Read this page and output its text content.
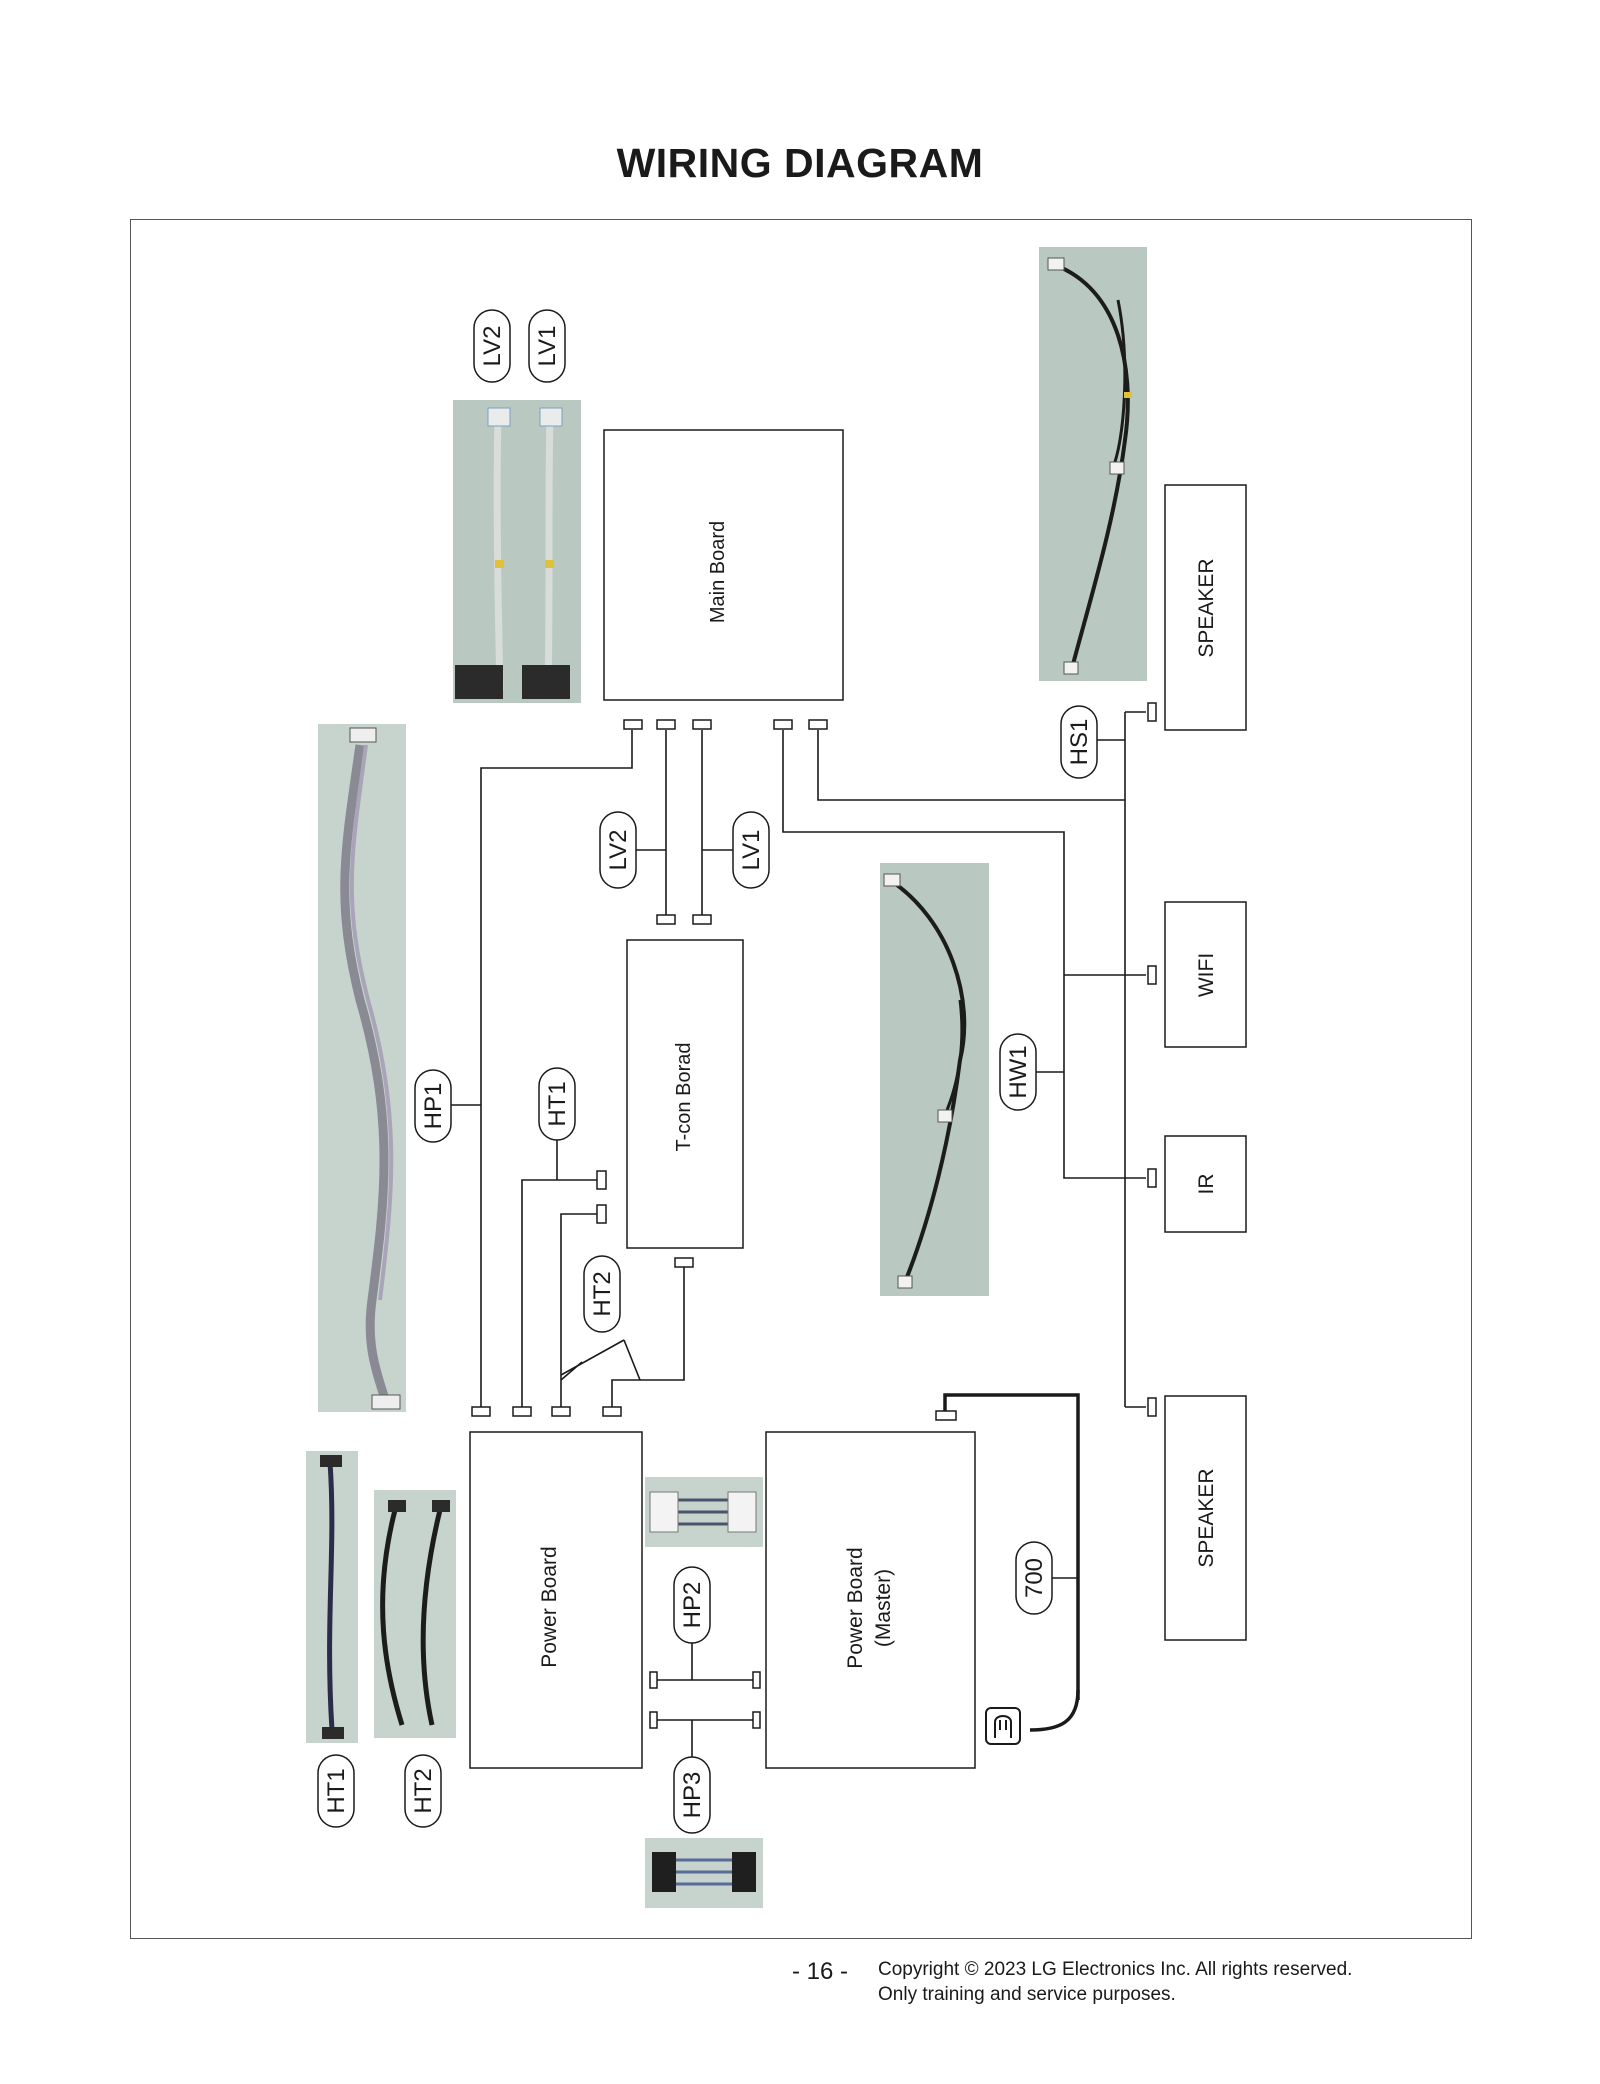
WIRING DIAGRAM
Main Board
T-con Borad
Power Board	Power Board (Master)
SPEAKER
WIFI
IR
SPEAKER
LV2 LV1
LV2	LV1
HS1
HW1
HP1	HT1
HT2
HP2
HP3
700
HT1	HT2
- 16 -	Copyright © 2023 LG Electronics Inc. All rights reserved.
Only training and service purposes.
